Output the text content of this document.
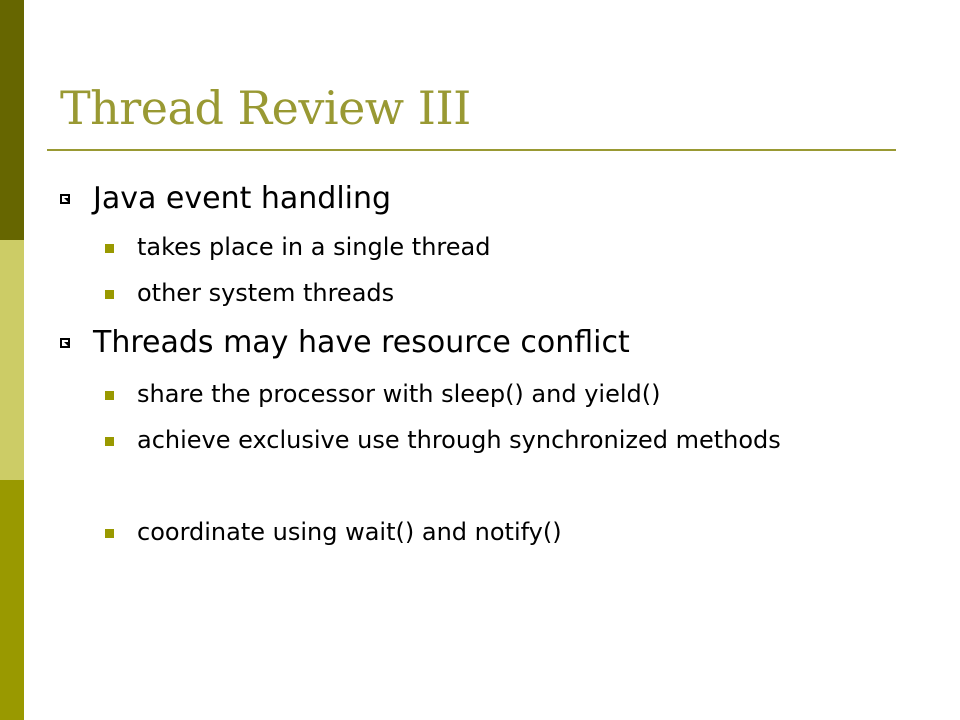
Thread Review III
Java event handling
takes place in a single thread
other system threads
Threads may have resource conflict
share the processor with sleep() and yield()
achieve exclusive use through synchronized methods
coordinate using wait() and notify()
